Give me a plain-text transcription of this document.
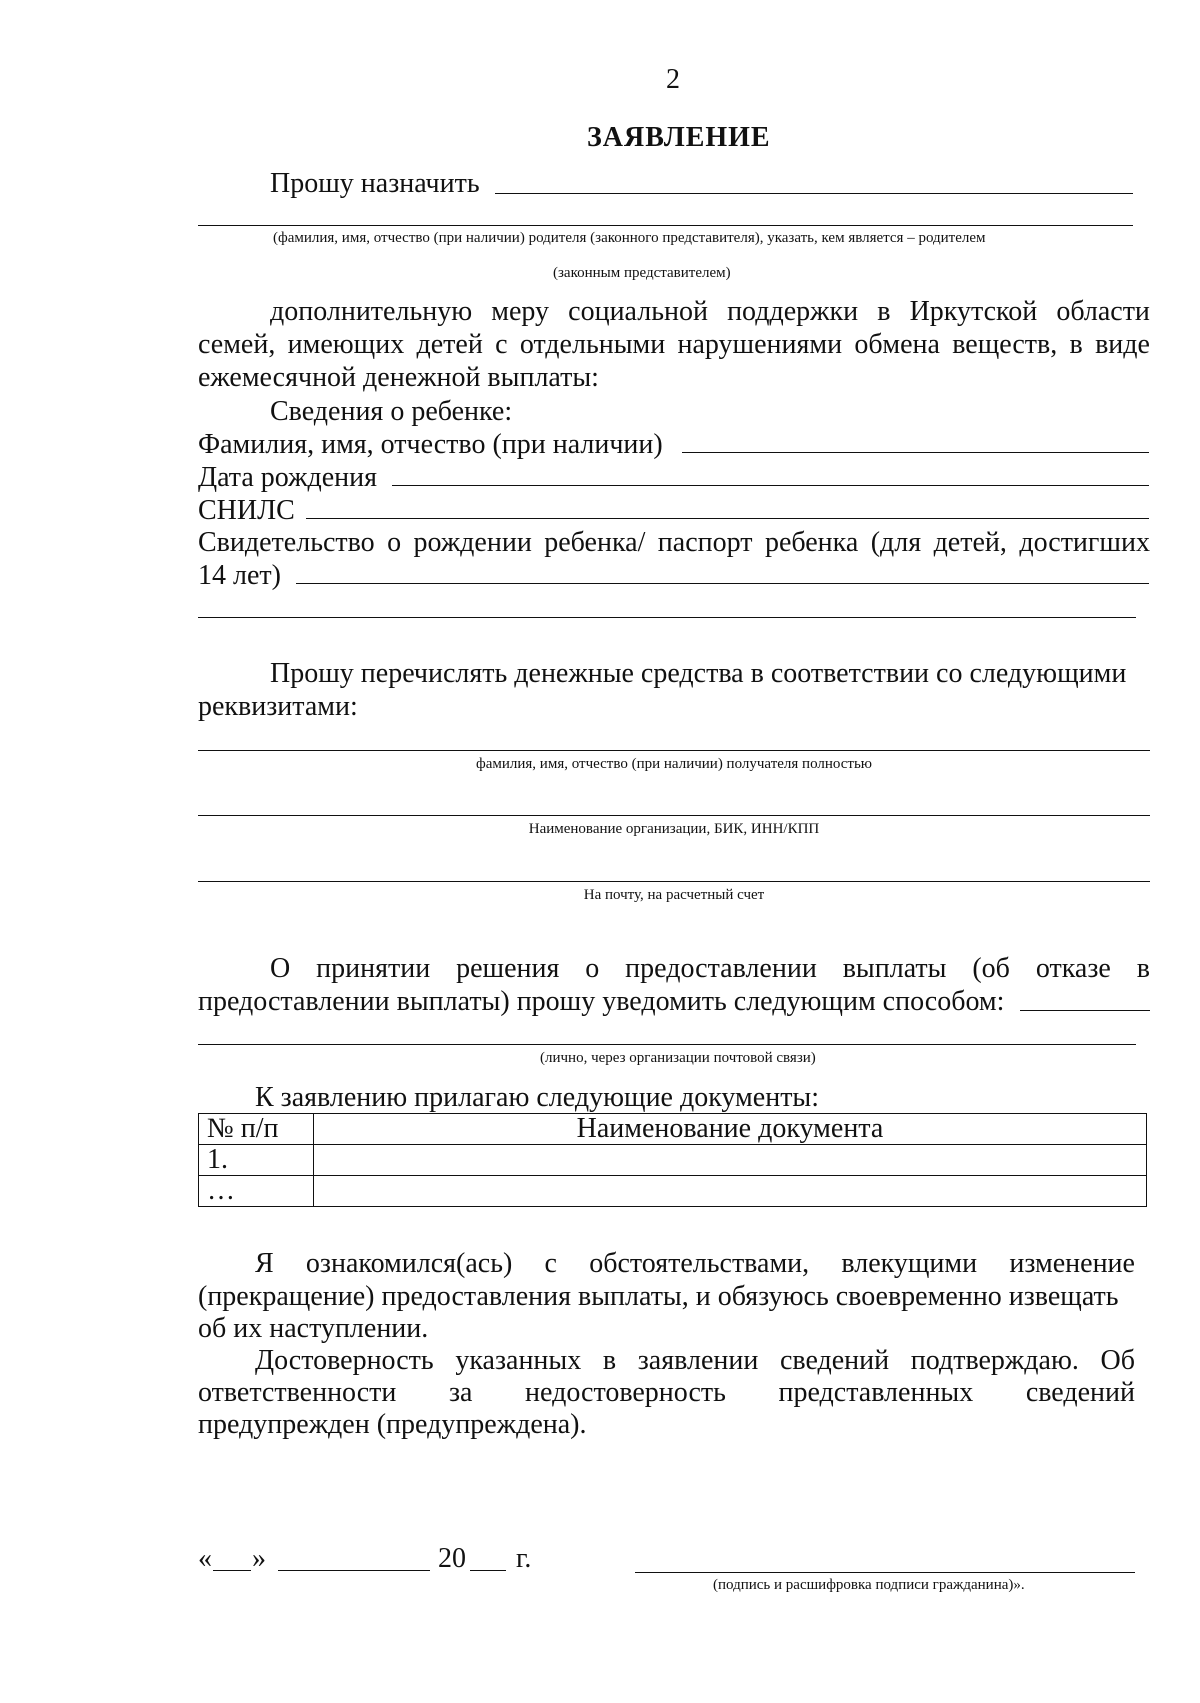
2
ЗАЯВЛЕНИЕ
Прошу назначить
(фамилия, имя, отчество (при наличии) родителя (законного представителя), указать, кем является – родителем
(законным представителем)
дополнительную меру социальной поддержки в Иркутской области
семей, имеющих детей с отдельными нарушениями обмена веществ, в виде
ежемесячной денежной выплаты:
Сведения о ребенке:
Фамилия, имя, отчество (при наличии)
Дата рождения
СНИЛС
Свидетельство о рождении ребенка/ паспорт ребенка (для детей, достигших
14 лет)
Прошу перечислять денежные средства в соответствии со следующими
реквизитами:
фамилия, имя, отчество (при наличии) получателя полностью
Наименование организации, БИК, ИНН/КПП
На почту, на расчетный счет
О принятии решения о предоставлении выплаты (об отказе в
предоставлении выплаты) прошу уведомить следующим способом:
(лично, через организации почтовой связи)
К заявлению прилагаю следующие документы:
№ п/п	Наименование документа
1.	
…	
Я ознакомился(ась) с обстоятельствами, влекущими изменение
(прекращение) предоставления выплаты, и обязуюсь своевременно извещать
об их наступлении.
Достоверность указанных в заявлении сведений подтверждаю. Об
ответственности за недостоверность представленных сведений
предупрежден (предупреждена).
« »	20 г.
(подпись и расшифровка подписи гражданина)».
